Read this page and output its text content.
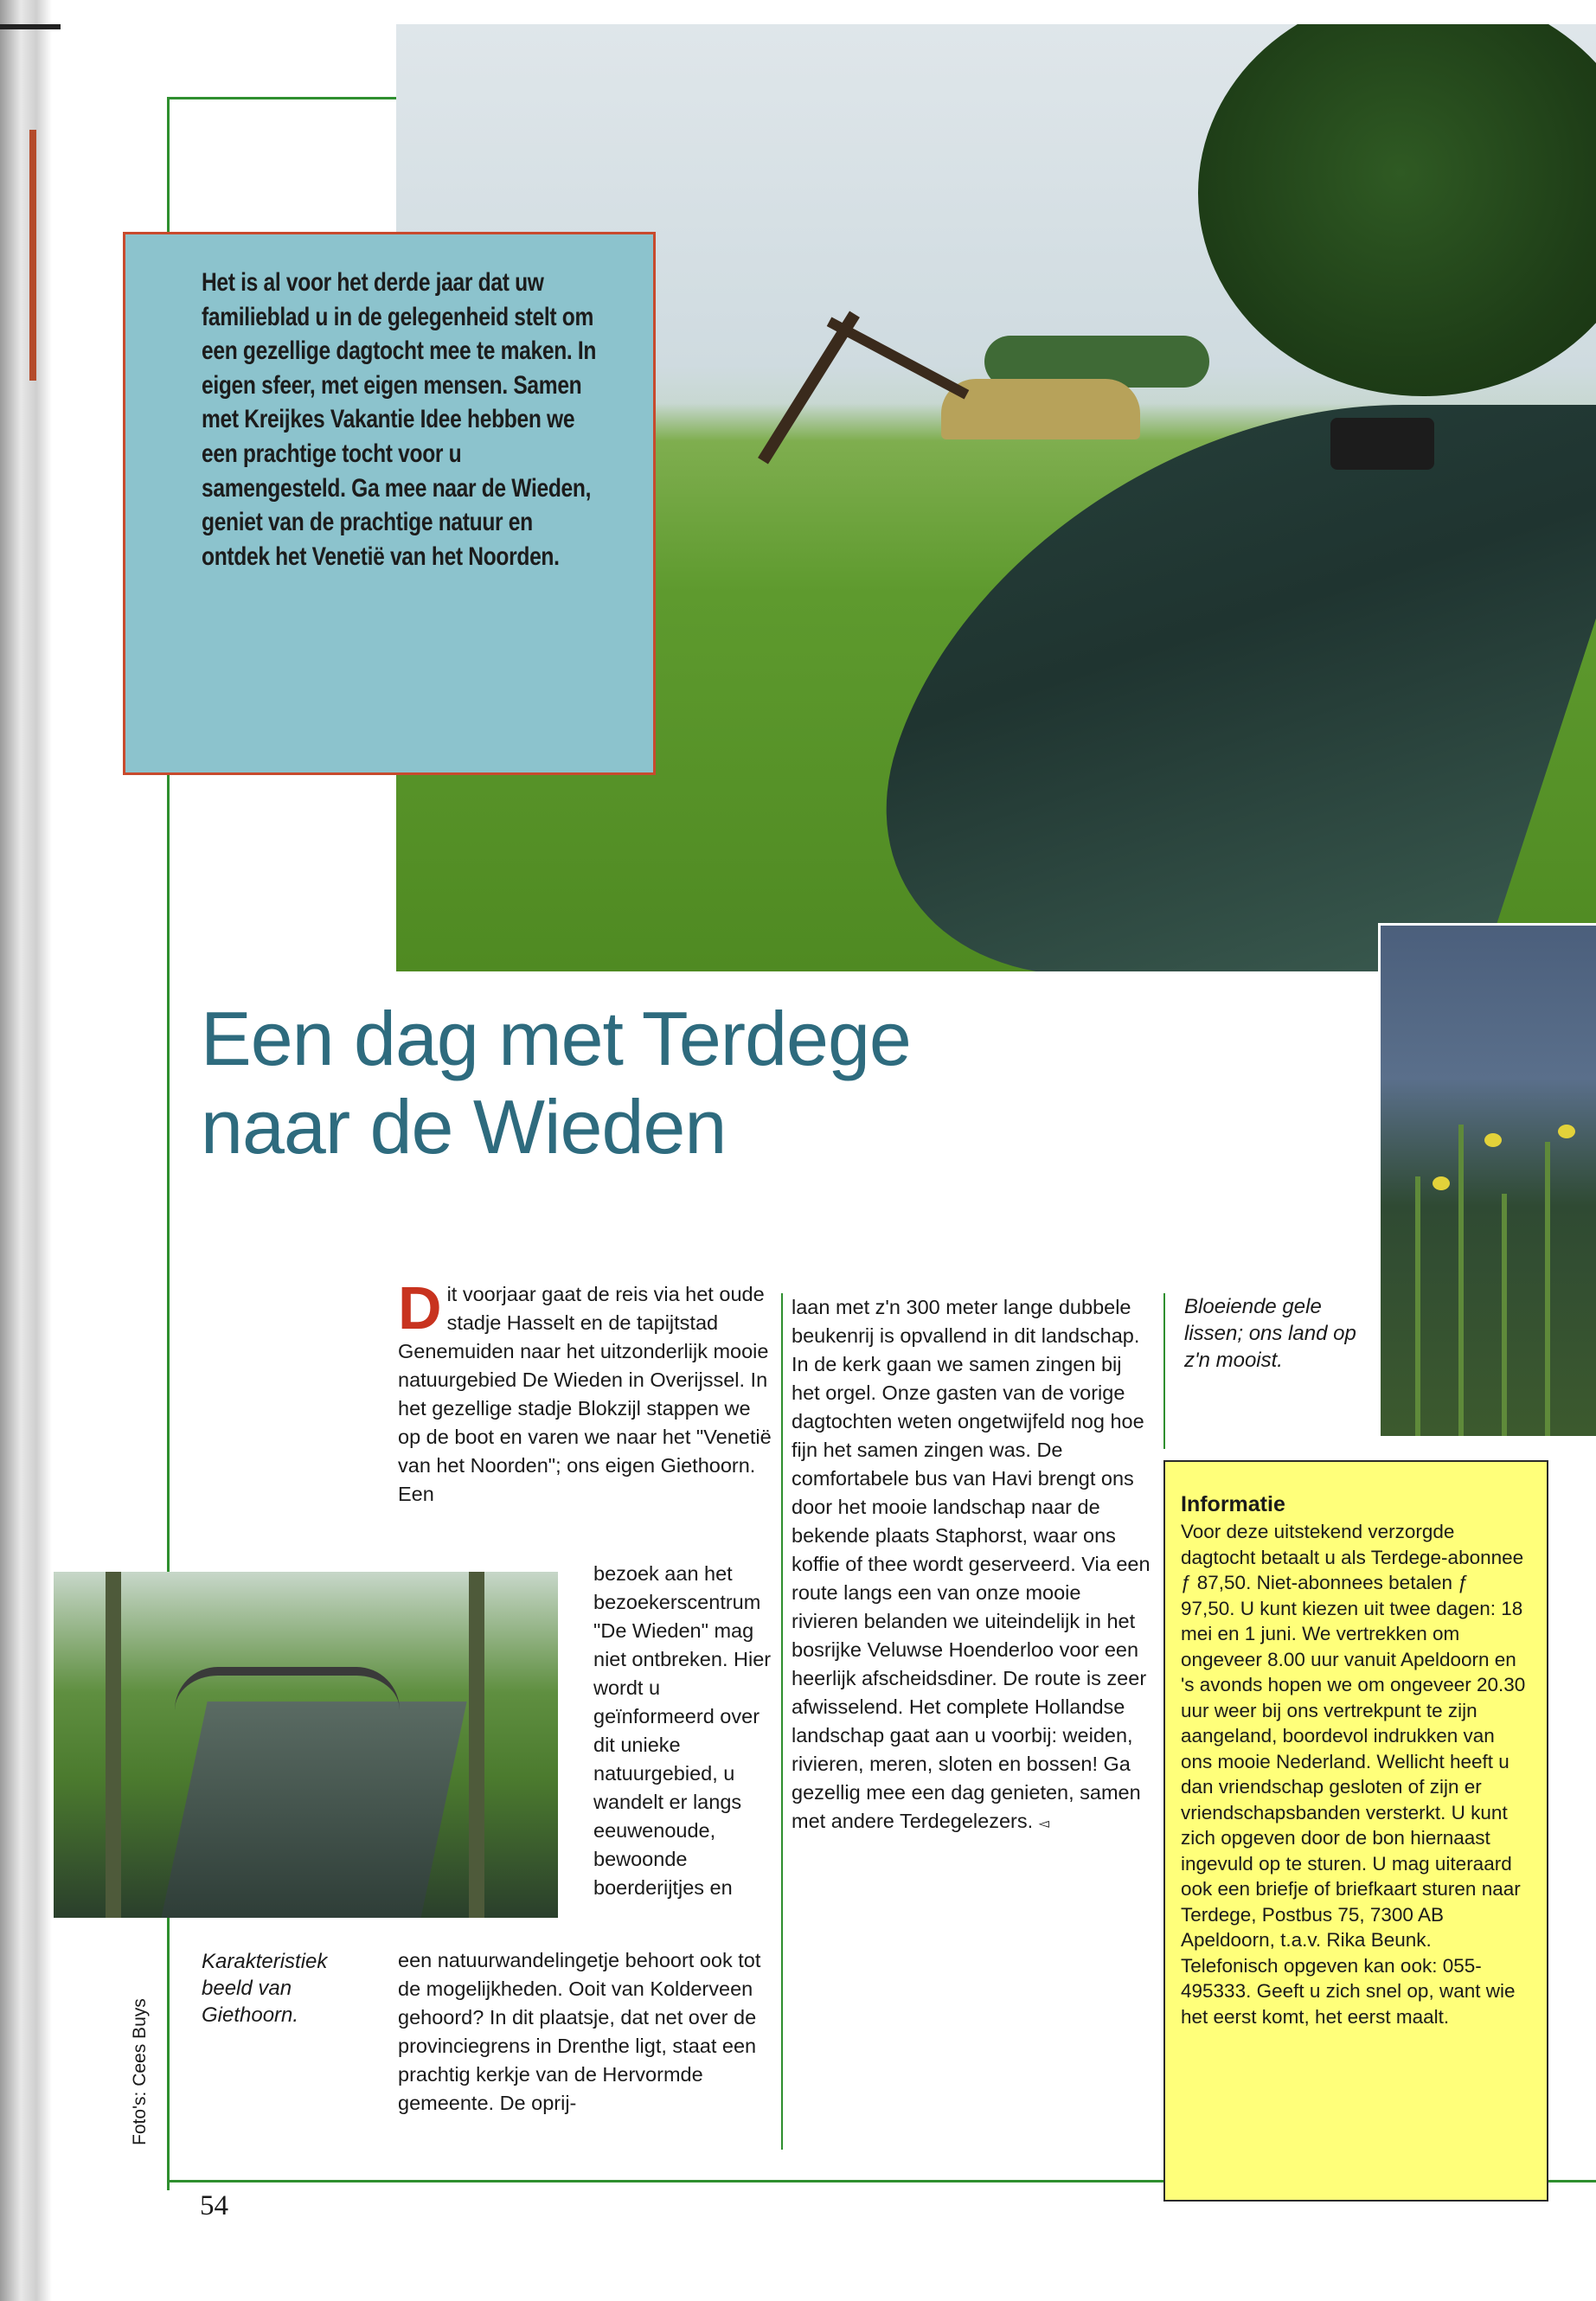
Het is al voor het derde jaar dat uw familieblad u in de gelegenheid stelt om een gezellige dagtocht mee te maken. In eigen sfeer, met eigen mensen. Samen met Kreijkes Vakantie Idee hebben we een prachtige tocht voor u samengesteld. Ga mee naar de Wieden, geniet van de prachtige natuur en ontdek het Venetië van het Noorden.

Een dag met Terdege
naar de Wieden

Dit voorjaar gaat de reis via het oude stadje Hasselt en de tapijtstad Genemuiden naar het uitzonderlijk mooie natuurgebied De Wieden in Overijssel. In het gezellige stadje Blokzijl stappen we op de boot en varen we naar het "Venetië van het Noorden"; ons eigen Giethoorn. Een

bezoek aan het bezoekerscentrum "De Wieden" mag niet ontbreken. Hier wordt u geïnformeerd over dit unieke natuurgebied, u wandelt er langs eeuwenoude, bewoonde boerderijtjes en

een natuurwandelingetje behoort ook tot de mogelijkheden. Ooit van Kolderveen gehoord? In dit plaatsje, dat net over de provinciegrens in Drenthe ligt, staat een prachtig kerkje van de Hervormde gemeente. De oprij-

laan met z'n 300 meter lange dubbele beukenrij is opvallend in dit landschap. In de kerk gaan we samen zingen bij het orgel. Onze gasten van de vorige dagtochten weten ongetwijfeld nog hoe fijn het samen zingen was. De comfortabele bus van Havi brengt ons door het mooie landschap naar de bekende plaats Staphorst, waar ons koffie of thee wordt geserveerd. Via een route langs een van onze mooie rivieren belanden we uiteindelijk in het bosrijke Veluwse Hoenderloo voor een heerlijk afscheidsdiner. De route is zeer afwisselend. Het complete Hollandse landschap gaat aan u voorbij: weiden, rivieren, meren, sloten en bossen! Ga gezellig mee een dag genieten, samen met andere Terdegelezers. ◅

Bloeiende gele lissen; ons land op z'n mooist.

Karakteristiek beeld van Giethoorn.

Informatie

Voor deze uitstekend verzorgde dagtocht betaalt u als Terdege-abonnee ƒ 87,50. Niet-abonnees betalen ƒ 97,50. U kunt kiezen uit twee dagen: 18 mei en 1 juni. We vertrekken om ongeveer 8.00 uur vanuit Apeldoorn en 's avonds hopen we om ongeveer 20.30 uur weer bij ons vertrekpunt te zijn aangeland, boordevol indrukken van ons mooie Nederland. Wellicht heeft u dan vriendschap gesloten of zijn er vriendschapsbanden versterkt. U kunt zich opgeven door de bon hiernaast ingevuld op te sturen. U mag uiteraard ook een briefje of briefkaart sturen naar Terdege, Postbus 75, 7300 AB Apeldoorn, t.a.v. Rika Beunk. Telefonisch opgeven kan ook: 055-495333. Geeft u zich snel op, want wie het eerst komt, het eerst maalt.

Foto's: Cees Buys
54
